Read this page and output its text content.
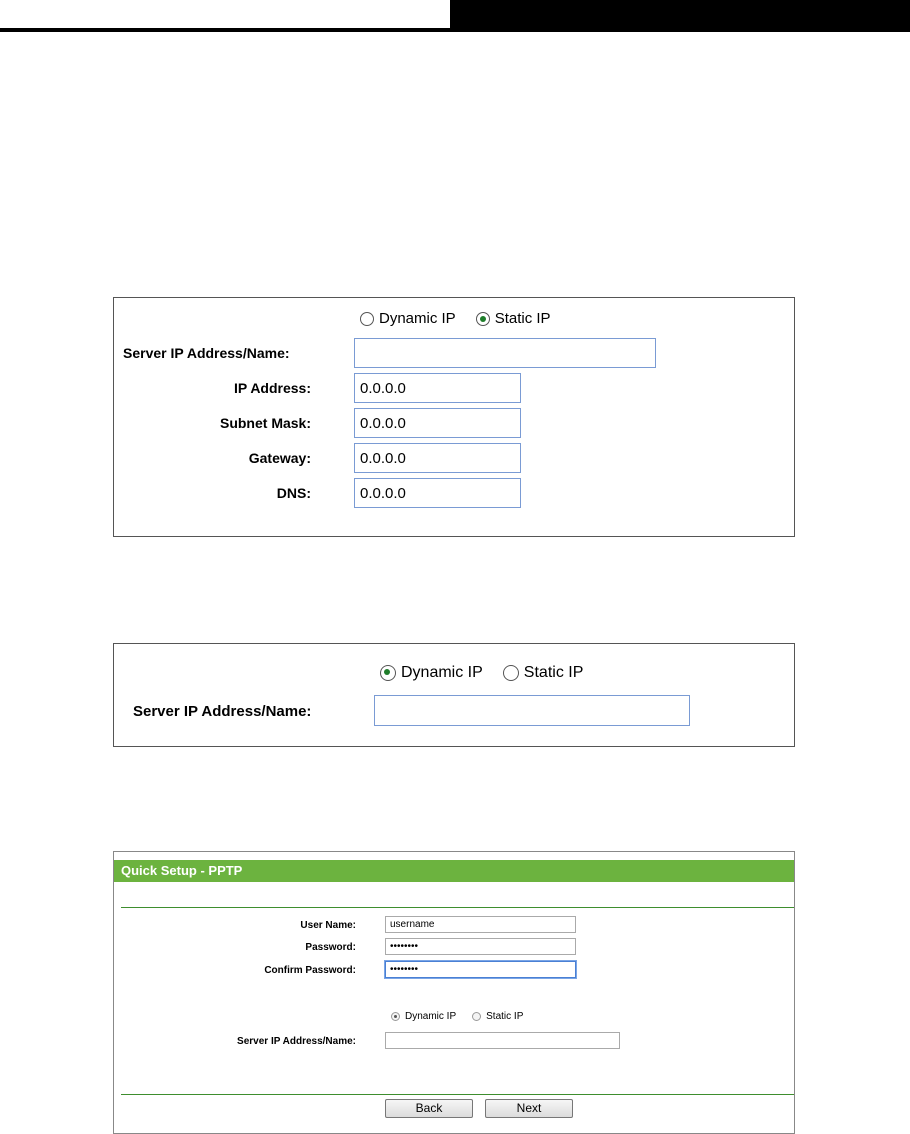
Dynamic IP	Static IP
Server IP Address/Name:
IP Address:
0.0.0.0
Subnet Mask:
0.0.0.0
Gateway:
0.0.0.0
DNS:
0.0.0.0
Dynamic IP	Static IP
Server IP Address/Name:
Quick Setup - PPTP
User Name:
username
Password:
••••••••
Confirm Password:
••••••••
Dynamic IP	Static IP
Server IP Address/Name:
Back	Next
